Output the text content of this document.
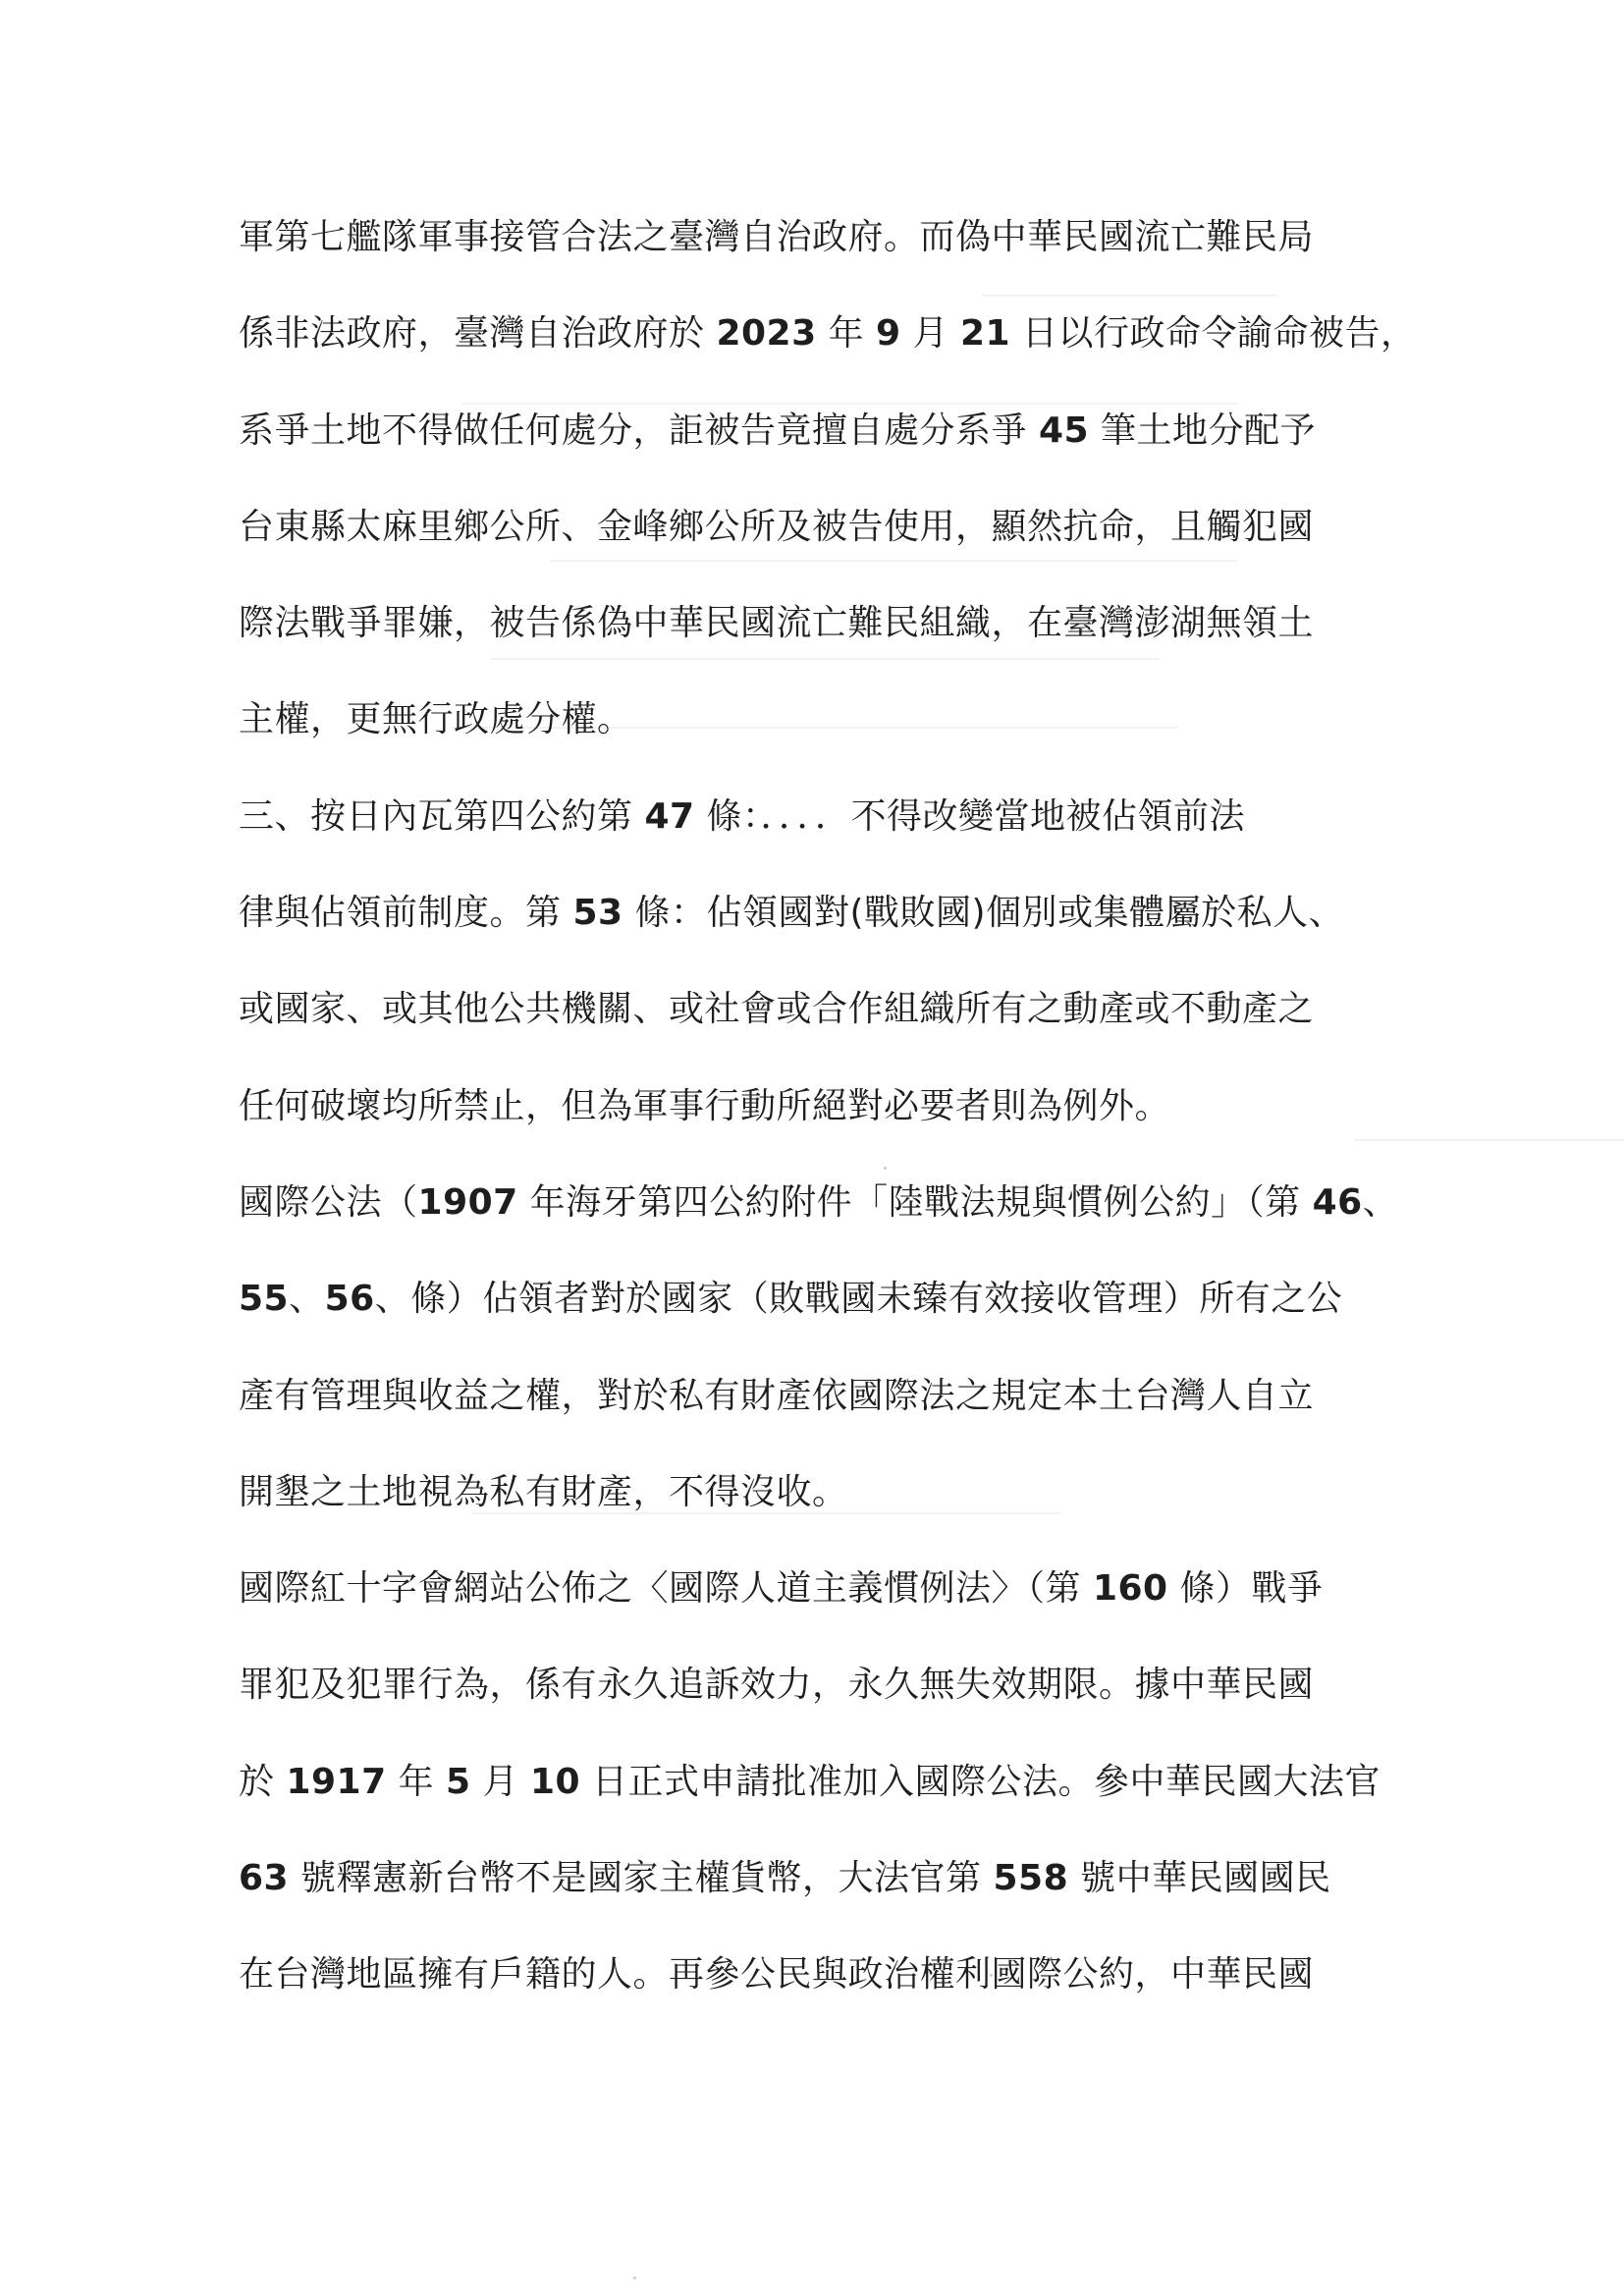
軍第七艦隊軍事接管合法之臺灣自治政府。而偽中華民國流亡難民局
係非法政府，臺灣自治政府於 2023 年 9 月 21 日以行政命令諭命被告，
系爭土地不得做任何處分，詎被告竟擅自處分系爭 45 筆土地分配予
台東縣太麻里鄉公所、金峰鄉公所及被告使用，顯然抗命，且觸犯國
際法戰爭罪嫌，被告係偽中華民國流亡難民組織，在臺灣澎湖無領土
主權，更無行政處分權。
三、按日內瓦第四公約第 47 條：．．．．不得改變當地被佔領前法
律與佔領前制度。第 53 條：佔領國對(戰敗國)個別或集體屬於私人、
或國家、或其他公共機關、或社會或合作組織所有之動產或不動產之
任何破壞均所禁止，但為軍事行動所絕對必要者則為例外。
國際公法（1907 年海牙第四公約附件「陸戰法規與慣例公約」（第 46、
55、56、條）佔領者對於國家（敗戰國未臻有效接收管理）所有之公
產有管理與收益之權，對於私有財產依國際法之規定本土台灣人自立
開墾之土地視為私有財產，不得沒收。
國際紅十字會網站公佈之〈國際人道主義慣例法〉（第 160 條）戰爭
罪犯及犯罪行為，係有永久追訴效力，永久無失效期限。據中華民國
於 1917 年 5 月 10 日正式申請批准加入國際公法。參中華民國大法官
63 號釋憲新台幣不是國家主權貨幣，大法官第 558 號中華民國國民
在台灣地區擁有戶籍的人。再參公民與政治權利國際公約，中華民國
